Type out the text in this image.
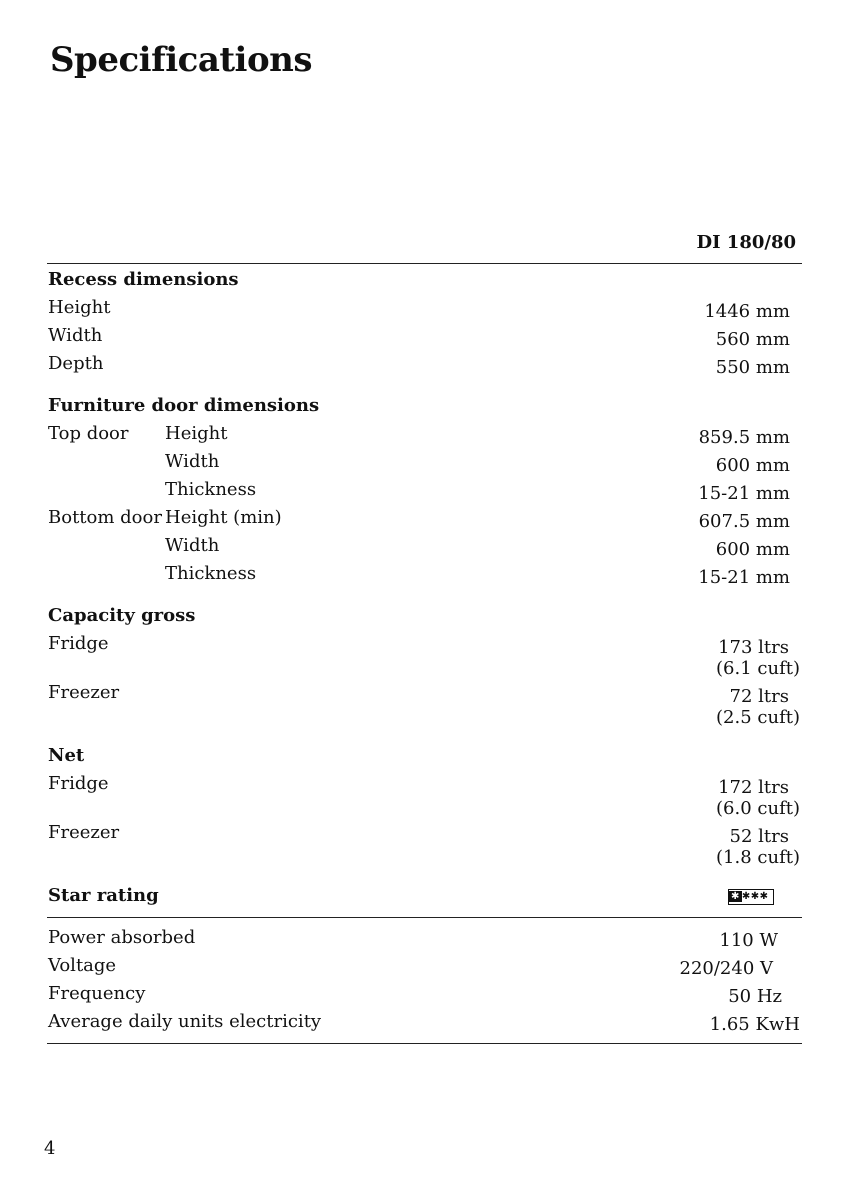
Specifications
DI 180/80
Recess dimensions
Height	1446 mm
Width	560 mm
Depth	550 mm
Furniture door dimensions
Top door Height	859.5 mm
Width	600 mm
Thickness	15-21 mm
Bottom door Height (min)	607.5 mm
Width	600 mm
Thickness	15-21 mm
Capacity gross
Fridge	173 ltrs
(6.1 cuft)
Freezer	72 ltrs
(2.5 cuft)
Net
Fridge	172 ltrs
(6.0 cuft)
Freezer	52 ltrs
(1.8 cuft)
Star rating	✱ ✱✱✱
Power absorbed	110 W
Voltage	220/240 V
Frequency	50 Hz
Average daily units electricity	1.65 KwH
4
